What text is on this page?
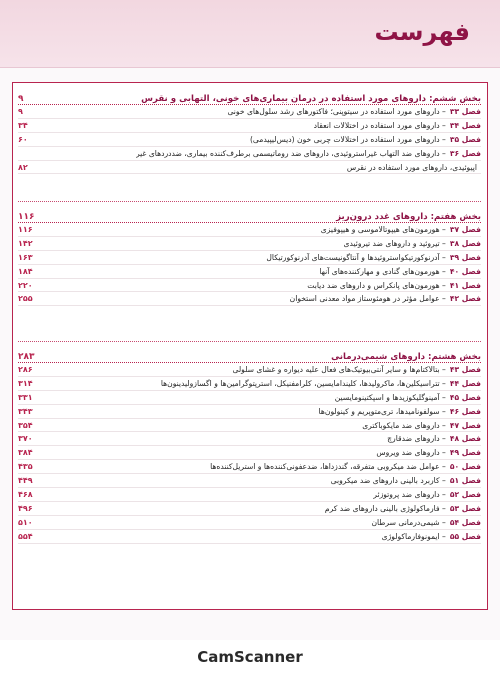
فهرست
بخش ششم: داروهای مورد استفاده در درمان بیماری‌های خونی، التهابی و نقرس
۹
فصل ۳۳
– داروهای مورد استفاده در سیتوپنی؛ فاکتورهای رشد سلول‌های خونی
۹
فصل ۳۴
– داروهای مورد استفاده در اختلالات انعقاد
۳۴
فصل ۳۵
– داروهای مورد استفاده در اختلالات چربی خون (دیس‌لیپیدمی)
۶۰
فصل ۳۶
– داروهای ضد التهاب غیراستروئیدی، داروهای ضد روماتیسمی برطرف‌کننده بیماری، ضددردهای غیر
اپیوئیدی، داروهای مورد استفاده در نقرس
۸۲
بخش هفتم: داروهای غدد درون‌ریز
۱۱۶
فصل ۳۷
– هورمون‌های هیپوتالاموسی و هیپوفیزی
۱۱۶
فصل ۳۸
– تیروئید و داروهای ضد تیروئیدی
۱۴۲
فصل ۳۹
– آدرنوکورتیکواستروئیدها و آنتاگونیست‌های آدرنوکورتیکال
۱۶۳
فصل ۴۰
– هورمون‌های گنادی و مهارکننده‌های آنها
۱۸۴
فصل ۴۱
– هورمون‌های پانکراس و داروهای ضد دیابت
۲۲۰
فصل ۴۲
– عوامل مؤثر در هومئوستاز مواد معدنی استخوان
۲۵۵
بخش هشتم: داروهای شیمی‌درمانی
۲۸۳
فصل ۴۳
– بتالاکتام‌ها و سایر آنتی‌بیوتیک‌های فعال علیه دیواره و غشای سلولی
۲۸۶
فصل ۴۴
– تتراسیکلین‌ها، ماکرولیدها، کلیندامایسین، کلرامفنیکل، استرپتوگرامین‌ها و اگسازولیدینون‌ها
۳۱۴
فصل ۴۵
– آمینوگلیکوزیدها و اسپکتینومایسین
۳۳۱
فصل ۴۶
– سولفونامیدها، تری‌متوپریم و کینولون‌ها
۳۴۳
فصل ۴۷
– داروهای ضد مایکوباکتری
۳۵۴
فصل ۴۸
– داروهای ضدقارچ
۳۷۰
فصل ۴۹
– داروهای ضد ویروس
۳۸۴
فصل ۵۰
– عوامل ضد میکروبی متفرقه، گندزداها، ضدعفونی‌کننده‌ها و استریل‌کننده‌ها
۴۳۵
فصل ۵۱
– کاربرد بالینی داروهای ضد میکروبی
۴۴۹
فصل ۵۲
– داروهای ضد پروتوزئر
۴۶۸
فصل ۵۳
– فارماکولوژی بالینی داروهای ضد کرم
۴۹۶
فصل ۵۴
– شیمی‌درمانی سرطان
۵۱۰
فصل ۵۵
– ایمونوفارماکولوژی
۵۵۴
CamScanner
